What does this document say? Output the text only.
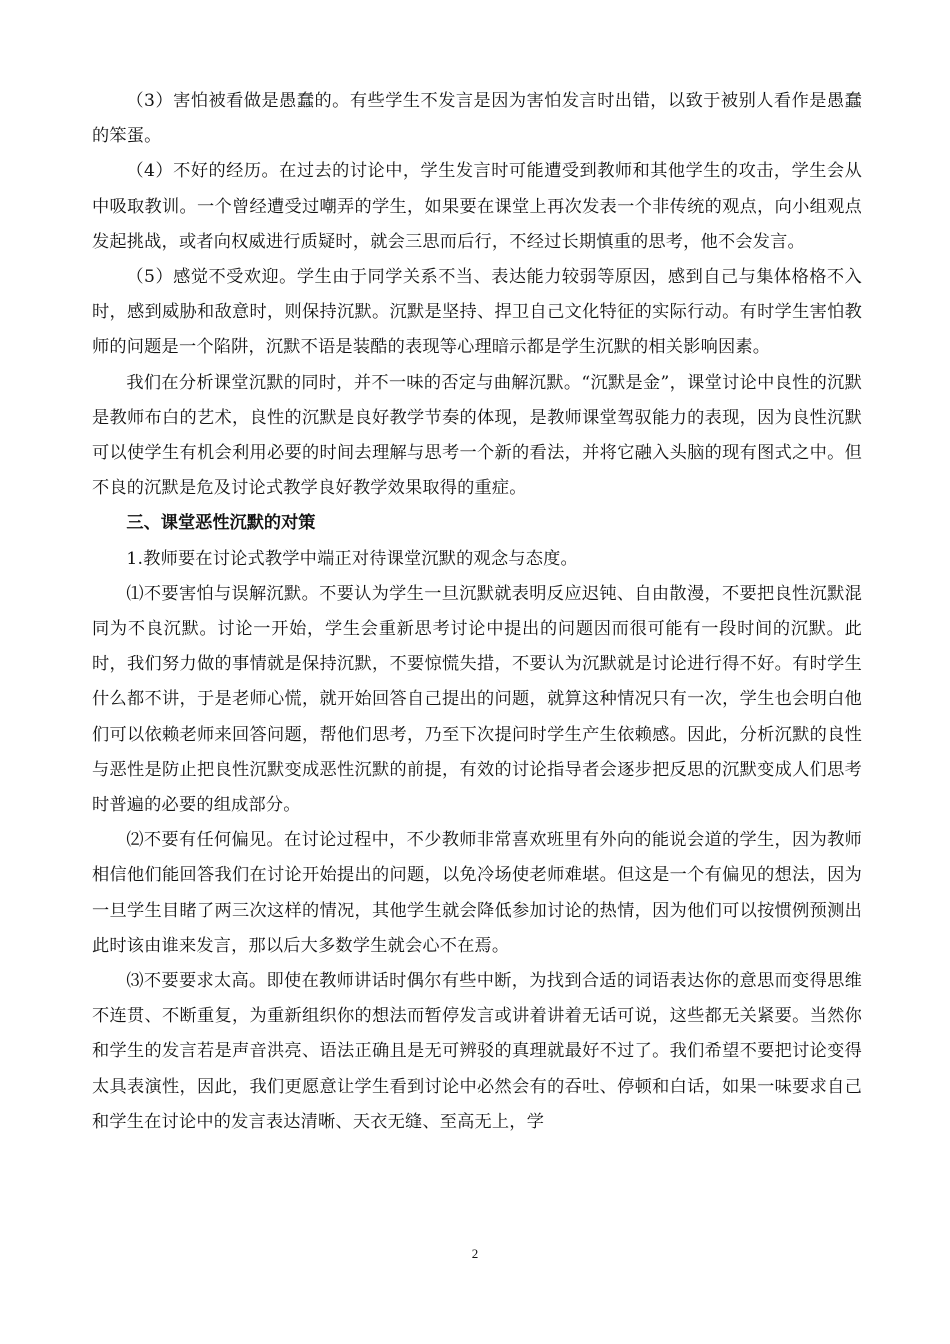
（3）害怕被看做是愚蠢的。有些学生不发言是因为害怕发言时出错，以致于被别人看作是愚蠢的笨蛋。

（4）不好的经历。在过去的讨论中，学生发言时可能遭受到教师和其他学生的攻击，学生会从中吸取教训。一个曾经遭受过嘲弄的学生，如果要在课堂上再次发表一个非传统的观点，向小组观点发起挑战，或者向权威进行质疑时，就会三思而后行，不经过长期慎重的思考，他不会发言。

（5）感觉不受欢迎。学生由于同学关系不当、表达能力较弱等原因，感到自己与集体格格不入时，感到威胁和敌意时，则保持沉默。沉默是坚持、捍卫自己文化特征的实际行动。有时学生害怕教师的问题是一个陷阱，沉默不语是装酷的表现等心理暗示都是学生沉默的相关影响因素。

我们在分析课堂沉默的同时，并不一味的否定与曲解沉默。“沉默是金”，课堂讨论中良性的沉默是教师布白的艺术，良性的沉默是良好教学节奏的体现，是教师课堂驾驭能力的表现，因为良性沉默可以使学生有机会利用必要的时间去理解与思考一个新的看法，并将它融入头脑的现有图式之中。但不良的沉默是危及讨论式教学良好教学效果取得的重症。

三、课堂恶性沉默的对策

1.教师要在讨论式教学中端正对待课堂沉默的观念与态度。

⑴不要害怕与误解沉默。不要认为学生一旦沉默就表明反应迟钝、自由散漫，不要把良性沉默混同为不良沉默。讨论一开始，学生会重新思考讨论中提出的问题因而很可能有一段时间的沉默。此时，我们努力做的事情就是保持沉默，不要惊慌失措，不要认为沉默就是讨论进行得不好。有时学生什么都不讲，于是老师心慌，就开始回答自己提出的问题，就算这种情况只有一次，学生也会明白他们可以依赖老师来回答问题，帮他们思考，乃至下次提问时学生产生依赖感。因此，分析沉默的良性与恶性是防止把良性沉默变成恶性沉默的前提，有效的讨论指导者会逐步把反思的沉默变成人们思考时普遍的必要的组成部分。

⑵不要有任何偏见。在讨论过程中，不少教师非常喜欢班里有外向的能说会道的学生，因为教师相信他们能回答我们在讨论开始提出的问题，以免冷场使老师难堪。但这是一个有偏见的想法，因为一旦学生目睹了两三次这样的情况，其他学生就会降低参加讨论的热情，因为他们可以按惯例预测出此时该由谁来发言，那以后大多数学生就会心不在焉。

⑶不要要求太高。即使在教师讲话时偶尔有些中断，为找到合适的词语表达你的意思而变得思维不连贯、不断重复，为重新组织你的想法而暂停发言或讲着讲着无话可说，这些都无关紧要。当然你和学生的发言若是声音洪亮、语法正确且是无可辨驳的真理就最好不过了。我们希望不要把讨论变得太具表演性，因此，我们更愿意让学生看到讨论中必然会有的吞吐、停顿和白话，如果一味要求自己和学生在讨论中的发言表达清晰、天衣无缝、至高无上，学

2
